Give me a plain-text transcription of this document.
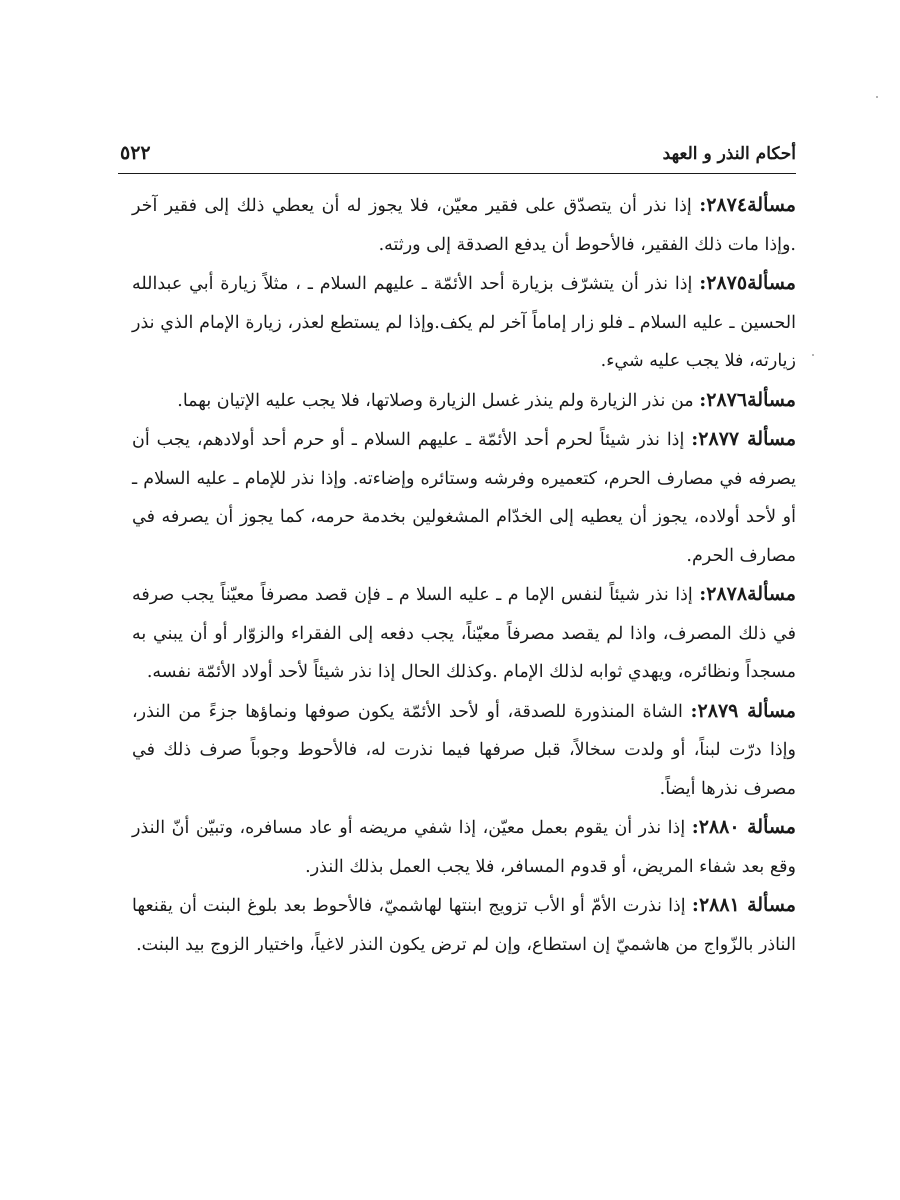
أحكام النذر و العهد
٥٢٢

مسألة٢٨٧٤: إذا نذر أن يتصدّق على فقير معيّن، فلا يجوز له أن يعطي ذلك إلى فقير آخر .وإذا مات ذلك الفقير، فالأحوط أن يدفع الصدقة إلى ورثته.

مسألة٢٨٧٥: إذا نذر أن يتشرّف بزيارة أحد الأئمّة ـ عليهم السلام ـ ، مثلاً زيارة أبي عبدالله الحسين ـ عليه السلام ـ فلو زار إماماً آخر لم يكف.وإذا لم يستطع لعذر، زيارة الإمام الذي نذر زيارته، فلا يجب عليه شيء.

مسألة٢٨٧٦: من نذر الزيارة ولم ينذر غسل الزيارة وصلاتها، فلا يجب عليه الإتيان بهما.

مسألة ٢٨٧٧: إذا نذر شيئاً لحرم أحد الأئمّة ـ عليهم السلام ـ أو حرم أحد أولادهم، يجب أن يصرفه في مصارف الحرم، كتعميره وفرشه وستائره وإضاءته. وإذا نذر للإمام ـ عليه السلام ـ أو لأحد أولاده، يجوز أن يعطيه إلى الخدّام المشغولين بخدمة حرمه، كما يجوز أن يصرفه في مصارف الحرم.

مسألة٢٨٧٨: إذا نذر شيئاً لنفس الإما م ـ عليه السلا م ـ فإن قصد مصرفاً معيّناً يجب صرفه في ذلك المصرف، واذا لم يقصد مصرفاً معيّناً، يجب دفعه إلى الفقراء والزوّار أو أن يبني به مسجداً ونظائره، ويهدي ثوابه لذلك الإمام .وكذلك الحال إذا نذر شيئاً لأحد أولاد الأئمّة نفسه.

مسألة ٢٨٧٩: الشاة المنذورة للصدقة، أو لأحد الأئمّة يكون صوفها ونماؤها جزءً من النذر، وإذا درّت لبناً، أو ولدت سخالاً، قبل صرفها فيما نذرت له، فالأحوط وجوباً صرف ذلك في مصرف نذرها أيضاً.

مسألة ٢٨٨٠: إذا نذر أن يقوم بعمل معيّن، إذا شفي مريضه أو عاد مسافره، وتبيّن أنّ النذر وقع بعد شفاء المريض، أو قدوم المسافر، فلا يجب العمل بذلك النذر.

مسألة ٢٨٨١: إذا نذرت الأمّ أو الأب تزويج ابنتها لهاشميّ، فالأحوط بعد بلوغ البنت أن يقنعها الناذر بالزّواج من هاشميّ إن استطاع، وإن لم ترض يكون النذر لاغياً، واختيار الزوج بيد البنت.
